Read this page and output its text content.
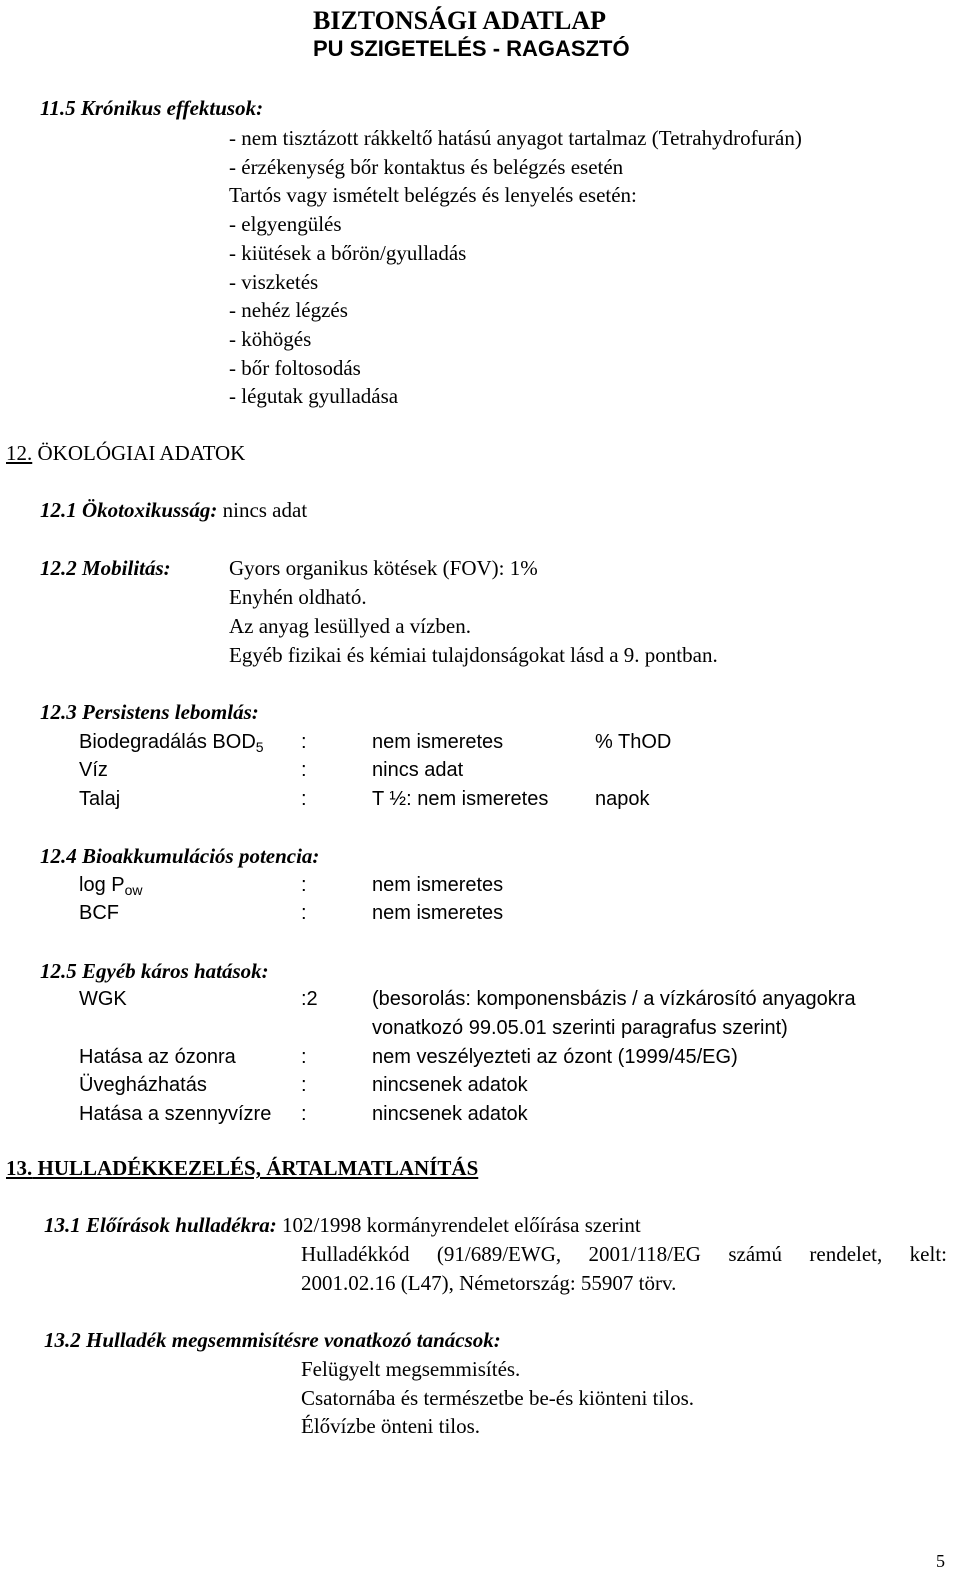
BIZTONSÁGI ADATLAP
PU SZIGETELÉS - RAGASZTÓ
11.5 Krónikus effektusok:
- nem tisztázott rákkeltő hatású anyagot tartalmaz (Tetrahydrofurán)
- érzékenység bőr kontaktus és belégzés esetén
Tartós vagy ismételt belégzés és lenyelés esetén:
- elgyengülés
- kiütések a bőrön/gyulladás
- viszketés
- nehéz légzés
- köhögés
- bőr foltosodás
- légutak gyulladása
12. ÖKOLÓGIAI ADATOK
12.1 Ökotoxikusság: nincs adat
12.2 Mobilitás:	Gyors organikus kötések (FOV): 1%
Enyhén oldható.
Az anyag lesüllyed a vízben.
Egyéb fizikai és kémiai tulajdonságokat lásd a 9. pontban.
12.3 Persistens lebomlás:
Biodegradálás $BOD_5$ :	nem ismeretes	% ThOD
Víz	:	nincs adat
Talaj	:	T ½: nem ismeretes napok
12.4 Bioakkumulációs potencia:
$\log P_{ow}$	:	nem ismeretes
BCF	:	nem ismeretes
12.5 Egyéb káros hatások:
WGK	:2	(besorolás: komponensbázis / a vízkárosító anyagokra
vonatkozó 99.05.01 szerinti paragrafus szerint)
Hatása az ózonra	:	nem veszélyezteti az ózont (1999/45/EG)
Üvegházhatás	:	nincsenek adatok
Hatása a szennyvízre :	nincsenek adatok
13. HULLADÉKKEZELÉS, ÁRTALMATLANÍTÁS
13.1 Előírások hulladékra: 102/1998 kormányrendelet előírása szerint
Hulladékkód (91/689/EWG, 2001/118/EG számú rendelet, kelt:
2001.02.16 (L47), Németország: 55907 törv.
13.2 Hulladék megsemmisítésre vonatkozó tanácsok:
Felügyelt megsemmisítés.
Csatornába és természetbe be-és kiönteni tilos.
Élővízbe önteni tilos.
5
